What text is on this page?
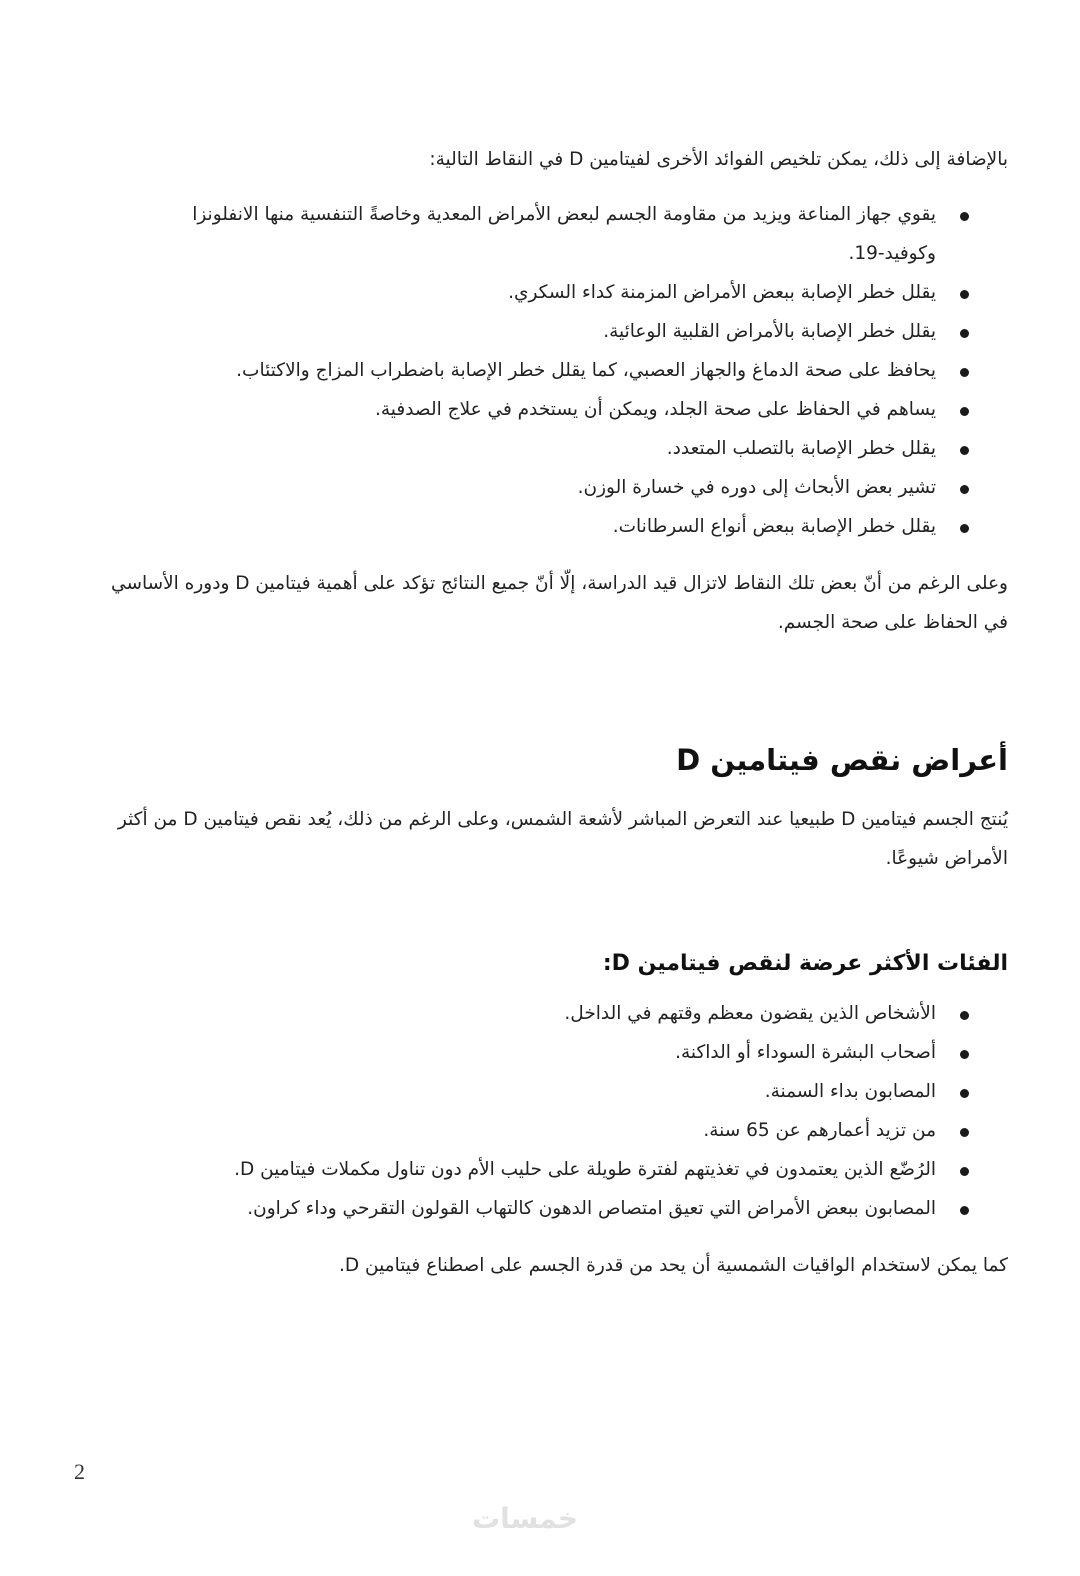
بالإضافة إلى ذلك، يمكن تلخيص الفوائد الأخرى لفيتامين D في النقاط التالية:

يقوي جهاز المناعة ويزيد من مقاومة الجسم لبعض الأمراض المعدية وخاصةً التنفسية منها الانفلونزا وكوفيد-19.
يقلل خطر الإصابة ببعض الأمراض المزمنة كداء السكري.
يقلل خطر الإصابة بالأمراض القلبية الوعائية.
يحافظ على صحة الدماغ والجهاز العصبي، كما يقلل خطر الإصابة باضطراب المزاج والاكتئاب.
يساهم في الحفاظ على صحة الجلد، ويمكن أن يستخدم في علاج الصدفية.
يقلل خطر الإصابة بالتصلب المتعدد.
تشير بعض الأبحاث إلى دوره في خسارة الوزن.
يقلل خطر الإصابة ببعض أنواع السرطانات.

وعلى الرغم من أنّ بعض تلك النقاط لاتزال قيد الدراسة، إلّا أنّ جميع النتائج تؤكد على أهمية فيتامين D ودوره الأساسي في الحفاظ على صحة الجسم.

أعراض نقص فيتامين D

يُنتج الجسم فيتامين D طبيعيا عند التعرض المباشر لأشعة الشمس، وعلى الرغم من ذلك، يُعد نقص فيتامين D من أكثر الأمراض شيوعًا.

الفئات الأكثر عرضة لنقص فيتامين D:
الأشخاص الذين يقضون معظم وقتهم في الداخل.
أصحاب البشرة السوداء أو الداكنة.
المصابون بداء السمنة.
من تزيد أعمارهم عن 65 سنة.
الرُضّع الذين يعتمدون في تغذيتهم لفترة طويلة على حليب الأم دون تناول مكملات فيتامين D.
المصابون ببعض الأمراض التي تعيق امتصاص الدهون كالتهاب القولون التقرحي وداء كراون.

كما يمكن لاستخدام الواقيات الشمسية أن يحد من قدرة الجسم على اصطناع فيتامين D.

2
خمسات
